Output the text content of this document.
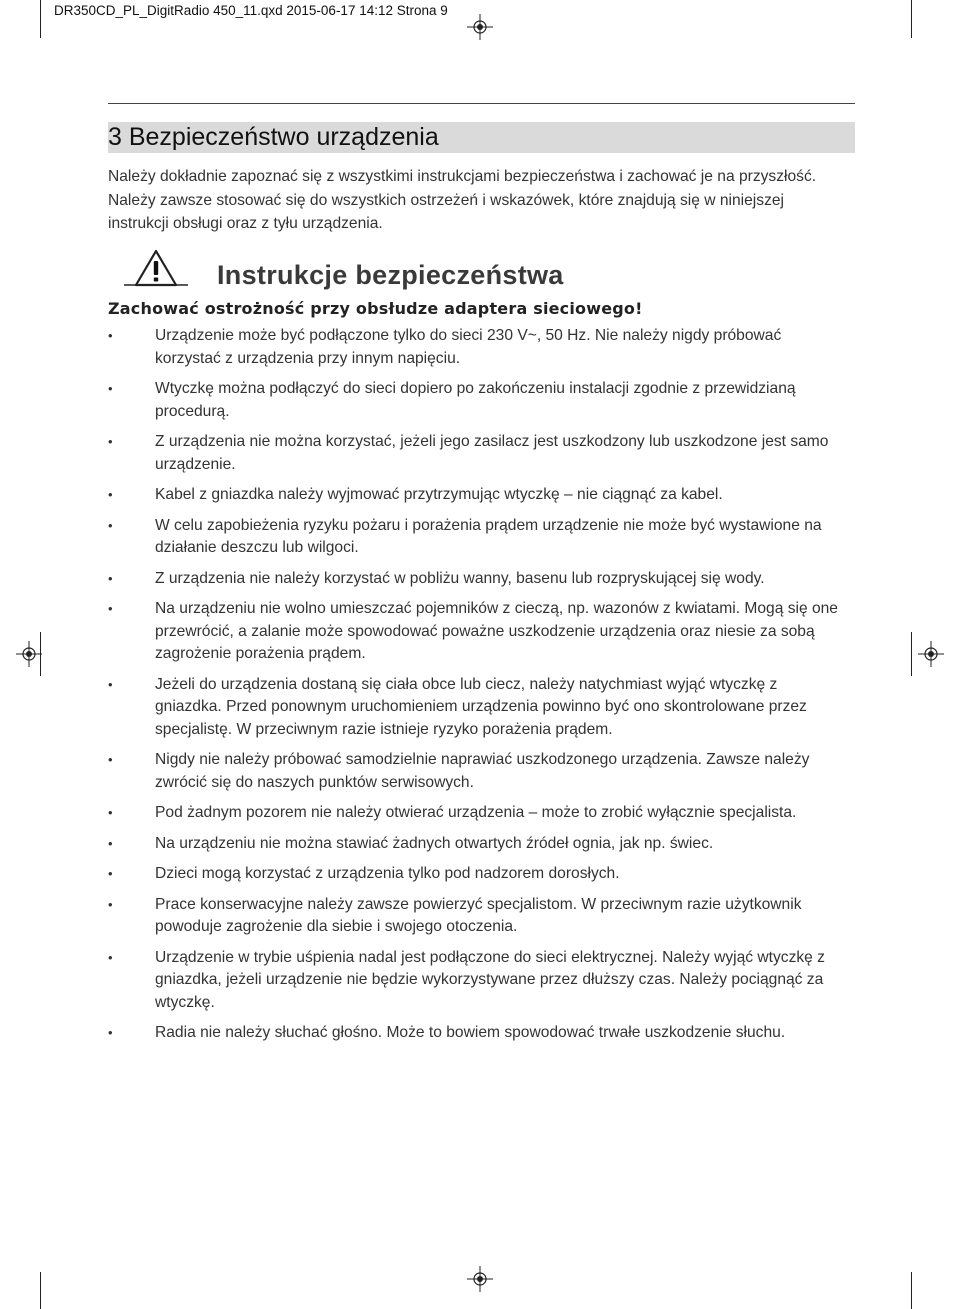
DR350CD_PL_DigitRadio 450_11.qxd 2015-06-17 14:12 Strona 9
3 Bezpieczeństwo urządzenia

Należy dokładnie zapoznać się z wszystkimi instrukcjami bezpieczeństwa i zachować je na przyszłość. Należy zawsze stosować się do wszystkich ostrzeżeń i wskazówek, które znajdują się w niniejszej instrukcji obsługi oraz z tyłu urządzenia.

Instrukcje bezpieczeństwa
Zachować ostrożność przy obsłudze adaptera sieciowego!
• Urządzenie może być podłączone tylko do sieci 230 V~, 50 Hz. Nie należy nigdy próbować korzystać z urządzenia przy innym napięciu.
• Wtyczkę można podłączyć do sieci dopiero po zakończeniu instalacji zgodnie z przewidzianą procedurą.
• Z urządzenia nie można korzystać, jeżeli jego zasilacz jest uszkodzony lub uszkodzone jest samo urządzenie.
• Kabel z gniazdka należy wyjmować przytrzymując wtyczkę – nie ciągnąć za kabel.
• W celu zapobieżenia ryzyku pożaru i porażenia prądem urządzenie nie może być wystawione na działanie deszczu lub wilgoci.
• Z urządzenia nie należy korzystać w pobliżu wanny, basenu lub rozpryskującej się wody.
• Na urządzeniu nie wolno umieszczać pojemników z cieczą, np. wazonów z kwiatami. Mogą się one przewrócić, a zalanie może spowodować poważne uszkodzenie urządzenia oraz niesie za sobą zagrożenie porażenia prądem.
• Jeżeli do urządzenia dostaną się ciała obce lub ciecz, należy natychmiast wyjąć wtyczkę z gniazdka. Przed ponownym uruchomieniem urządzenia powinno być ono skontrolowane przez specjalistę. W przeciwnym razie istnieje ryzyko porażenia prądem.
• Nigdy nie należy próbować samodzielnie naprawiać uszkodzonego urządzenia. Zawsze należy zwrócić się do naszych punktów serwisowych.
• Pod żadnym pozorem nie należy otwierać urządzenia – może to zrobić wyłącznie specjalista.
• Na urządzeniu nie można stawiać żadnych otwartych źródeł ognia, jak np. świec.
• Dzieci mogą korzystać z urządzenia tylko pod nadzorem dorosłych.
• Prace konserwacyjne należy zawsze powierzyć specjalistom. W przeciwnym razie użytkownik powoduje zagrożenie dla siebie i swojego otoczenia.
• Urządzenie w trybie uśpienia nadal jest podłączone do sieci elektrycznej. Należy wyjąć wtyczkę z gniazdka, jeżeli urządzenie nie będzie wykorzystywane przez dłuższy czas. Należy pociągnąć za wtyczkę.
• Radia nie należy słuchać głośno. Może to bowiem spowodować trwałe uszkodzenie słuchu.
